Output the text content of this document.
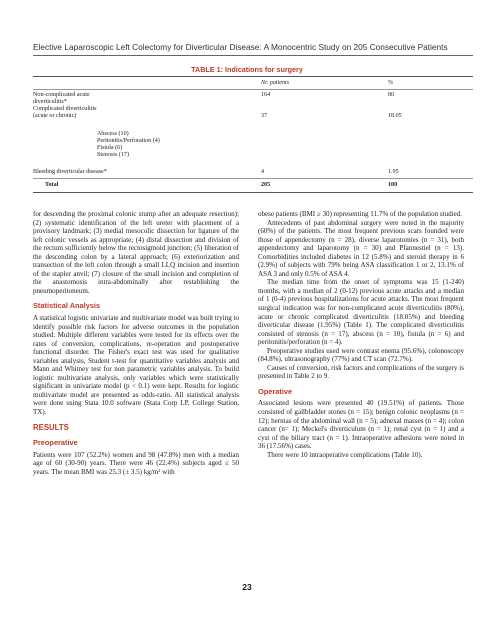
Elective Laparoscopic Left Colectomy for Diverticular Disease: A Monocentric Study on 205 Consecutive Patients
TABLE 1: Indications for surgery
Nr. patients	%
Non-complicated acute
diverticulitis*
164	80
Complicated diverticulitis
(acute or chronic)	37	18.05
Abscess (10)
Peritonitis/Perforation (4)
Fistula (6)
Stenosis (17)
Bleeding diverticular disease*	4	1.95
Total	205	100

for descending the proximal colonic stump after an adequate resection); (2) systematic identification of the left ureter with placement of a provisory landmark; (3) medial mesocolic dissection for ligature of the left colonic vessels as appropriate; (4) distal dissection and division of the rectum sufficiently below the rectosigmoid junction; (5) liberation of the descending colon by a lateral approach; (6) exteriorization and transection of the left colon through a small LLQ incision and insertion of the stapler anvil; (7) closure of the small incision and completion of the anastomosis intra-abdominally after restablishing the pneumoperitoneum.

Statistical Analysis

A statistical logistic univariate and multivariate model was built trying to identify possible risk factors for adverse outcomes in the population studied. Multiple different variables were tested for its effects over the rates of conversion, complications, re-operation and postoperative functional disorder. The Fisher's exact test was used for qualitative variables analysis, Student t-test for quantitative variables analysis and Mann and Whitney test for non parametric variables analysis. To build logistic multivariate analysis, only variables which were statistically significant in univariate model (p < 0.1) were kept. Results for logistic multivariate model are presented as odds-ratio. All statistical analysis were done using Stata 10.0 software (Stata Corp LP, College Station, TX).

RESULTS

Preoperative

Patients were 107 (52.2%) women and 98 (47.8%) men with a median age of 60 (30-90) years. There were 46 (22.4%) subjects aged ≤ 50 years. The mean BMI was 25.3 (± 3.5) kg/m² with

obese patients (BMI ≥ 30) representing 11.7% of the population studied.

Antecedents of past abdominal surgery were noted in the majority (60%) of the patients. The most frequent previous scars founded were those of appendectomy (n = 28), diverse laparotomies (n = 31), both appendectomy and laparotomy (n = 30) and Pfannestiel (n = 13). Comorbidities included diabetes in 12 (5.8%) and steroid therapy in 6 (2.9%) of subjects with 79% being ASA classification 1 or 2, 13.1% of ASA 3 and only 0.5% of ASA 4.

The median time from the onset of symptoms was 15 (1-240) months, with a median of 2 (0-12) previous acute attacks and a median of 1 (0-4) previous hospitalizations for acute attacks. The most frequent surgical indication was for non-complicated acute diverticulitis (80%), acute or chronic complicated diverticulitis (18.05%) and bleeding diverticular disease (1.95%) (Table 1). The complicated diverticulitis consisted of stenosis (n = 17), abscess (n = 10), fistula (n = 6) and peritonitis/perforation (n = 4).

Preoperative studies used were contrast enema (95.6%), colonoscopy (84.8%), ultrasonography (77%) and CT scan (72.7%).

Causes of conversion, risk factors and complications of the surgery is presented in Table 2 to 9.

Operative

Associated lesions were presented 40 (19.51%) of patients. Those consisted of gallbladder stones (n = 15); benign colonic neoplasms (n = 12); hernias of the abdominal wall (n = 5); adnexal masses (n = 4); colon cancer (n= 1); Meckel's diverticulum (n = 1); renal cyst (n = 1) and a cyst of the biliary tract (n = 1). Intraoperative adhesions were noted in 36 (17.56%) cases.

There were 10 intraoperative complications (Table 10).

23
